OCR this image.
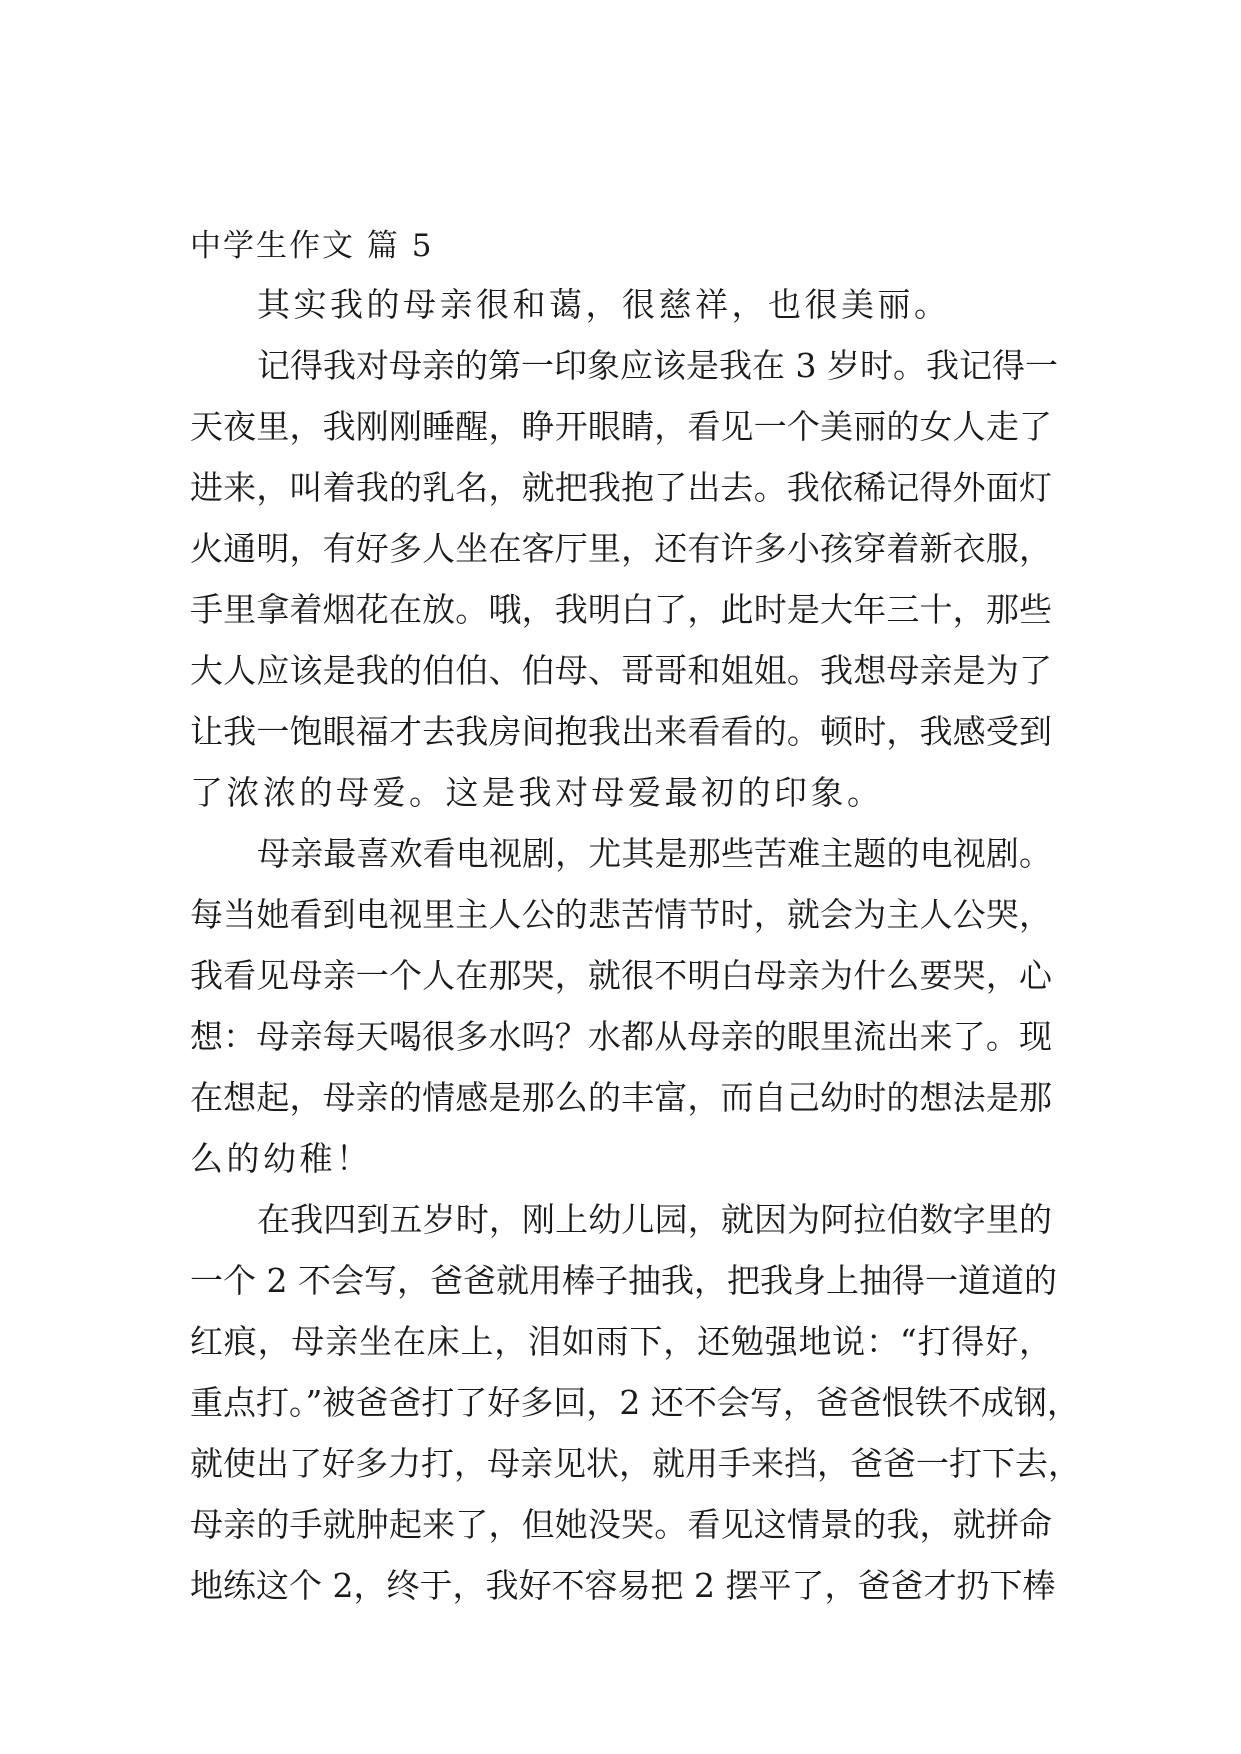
中学生作文 篇 5
其实我的母亲很和蔼，很慈祥，也很美丽。
记得我对母亲的第一印象应该是我在 3 岁时。我记得一
天夜里，我刚刚睡醒，睁开眼睛，看见一个美丽的女人走了
进来，叫着我的乳名，就把我抱了出去。我依稀记得外面灯
火通明，有好多人坐在客厅里，还有许多小孩穿着新衣服，
手里拿着烟花在放。哦，我明白了，此时是大年三十，那些
大人应该是我的伯伯、伯母、哥哥和姐姐。我想母亲是为了
让我一饱眼福才去我房间抱我出来看看的。顿时，我感受到
了浓浓的母爱。这是我对母爱最初的印象。
母亲最喜欢看电视剧，尤其是那些苦难主题的电视剧。
每当她看到电视里主人公的悲苦情节时，就会为主人公哭，
我看见母亲一个人在那哭，就很不明白母亲为什么要哭，心
想：母亲每天喝很多水吗？水都从母亲的眼里流出来了。现
在想起，母亲的情感是那么的丰富，而自己幼时的想法是那
么的幼稚！
在我四到五岁时，刚上幼儿园，就因为阿拉伯数字里的
一个 2 不会写，爸爸就用棒子抽我，把我身上抽得一道道的
红痕，母亲坐在床上，泪如雨下，还勉强地说：“打得好，
重点打。”被爸爸打了好多回，2 还不会写，爸爸恨铁不成钢，
就使出了好多力打，母亲见状，就用手来挡，爸爸一打下去，
母亲的手就肿起来了，但她没哭。看见这情景的我，就拼命
地练这个 2，终于，我好不容易把 2 摆平了，爸爸才扔下棒
